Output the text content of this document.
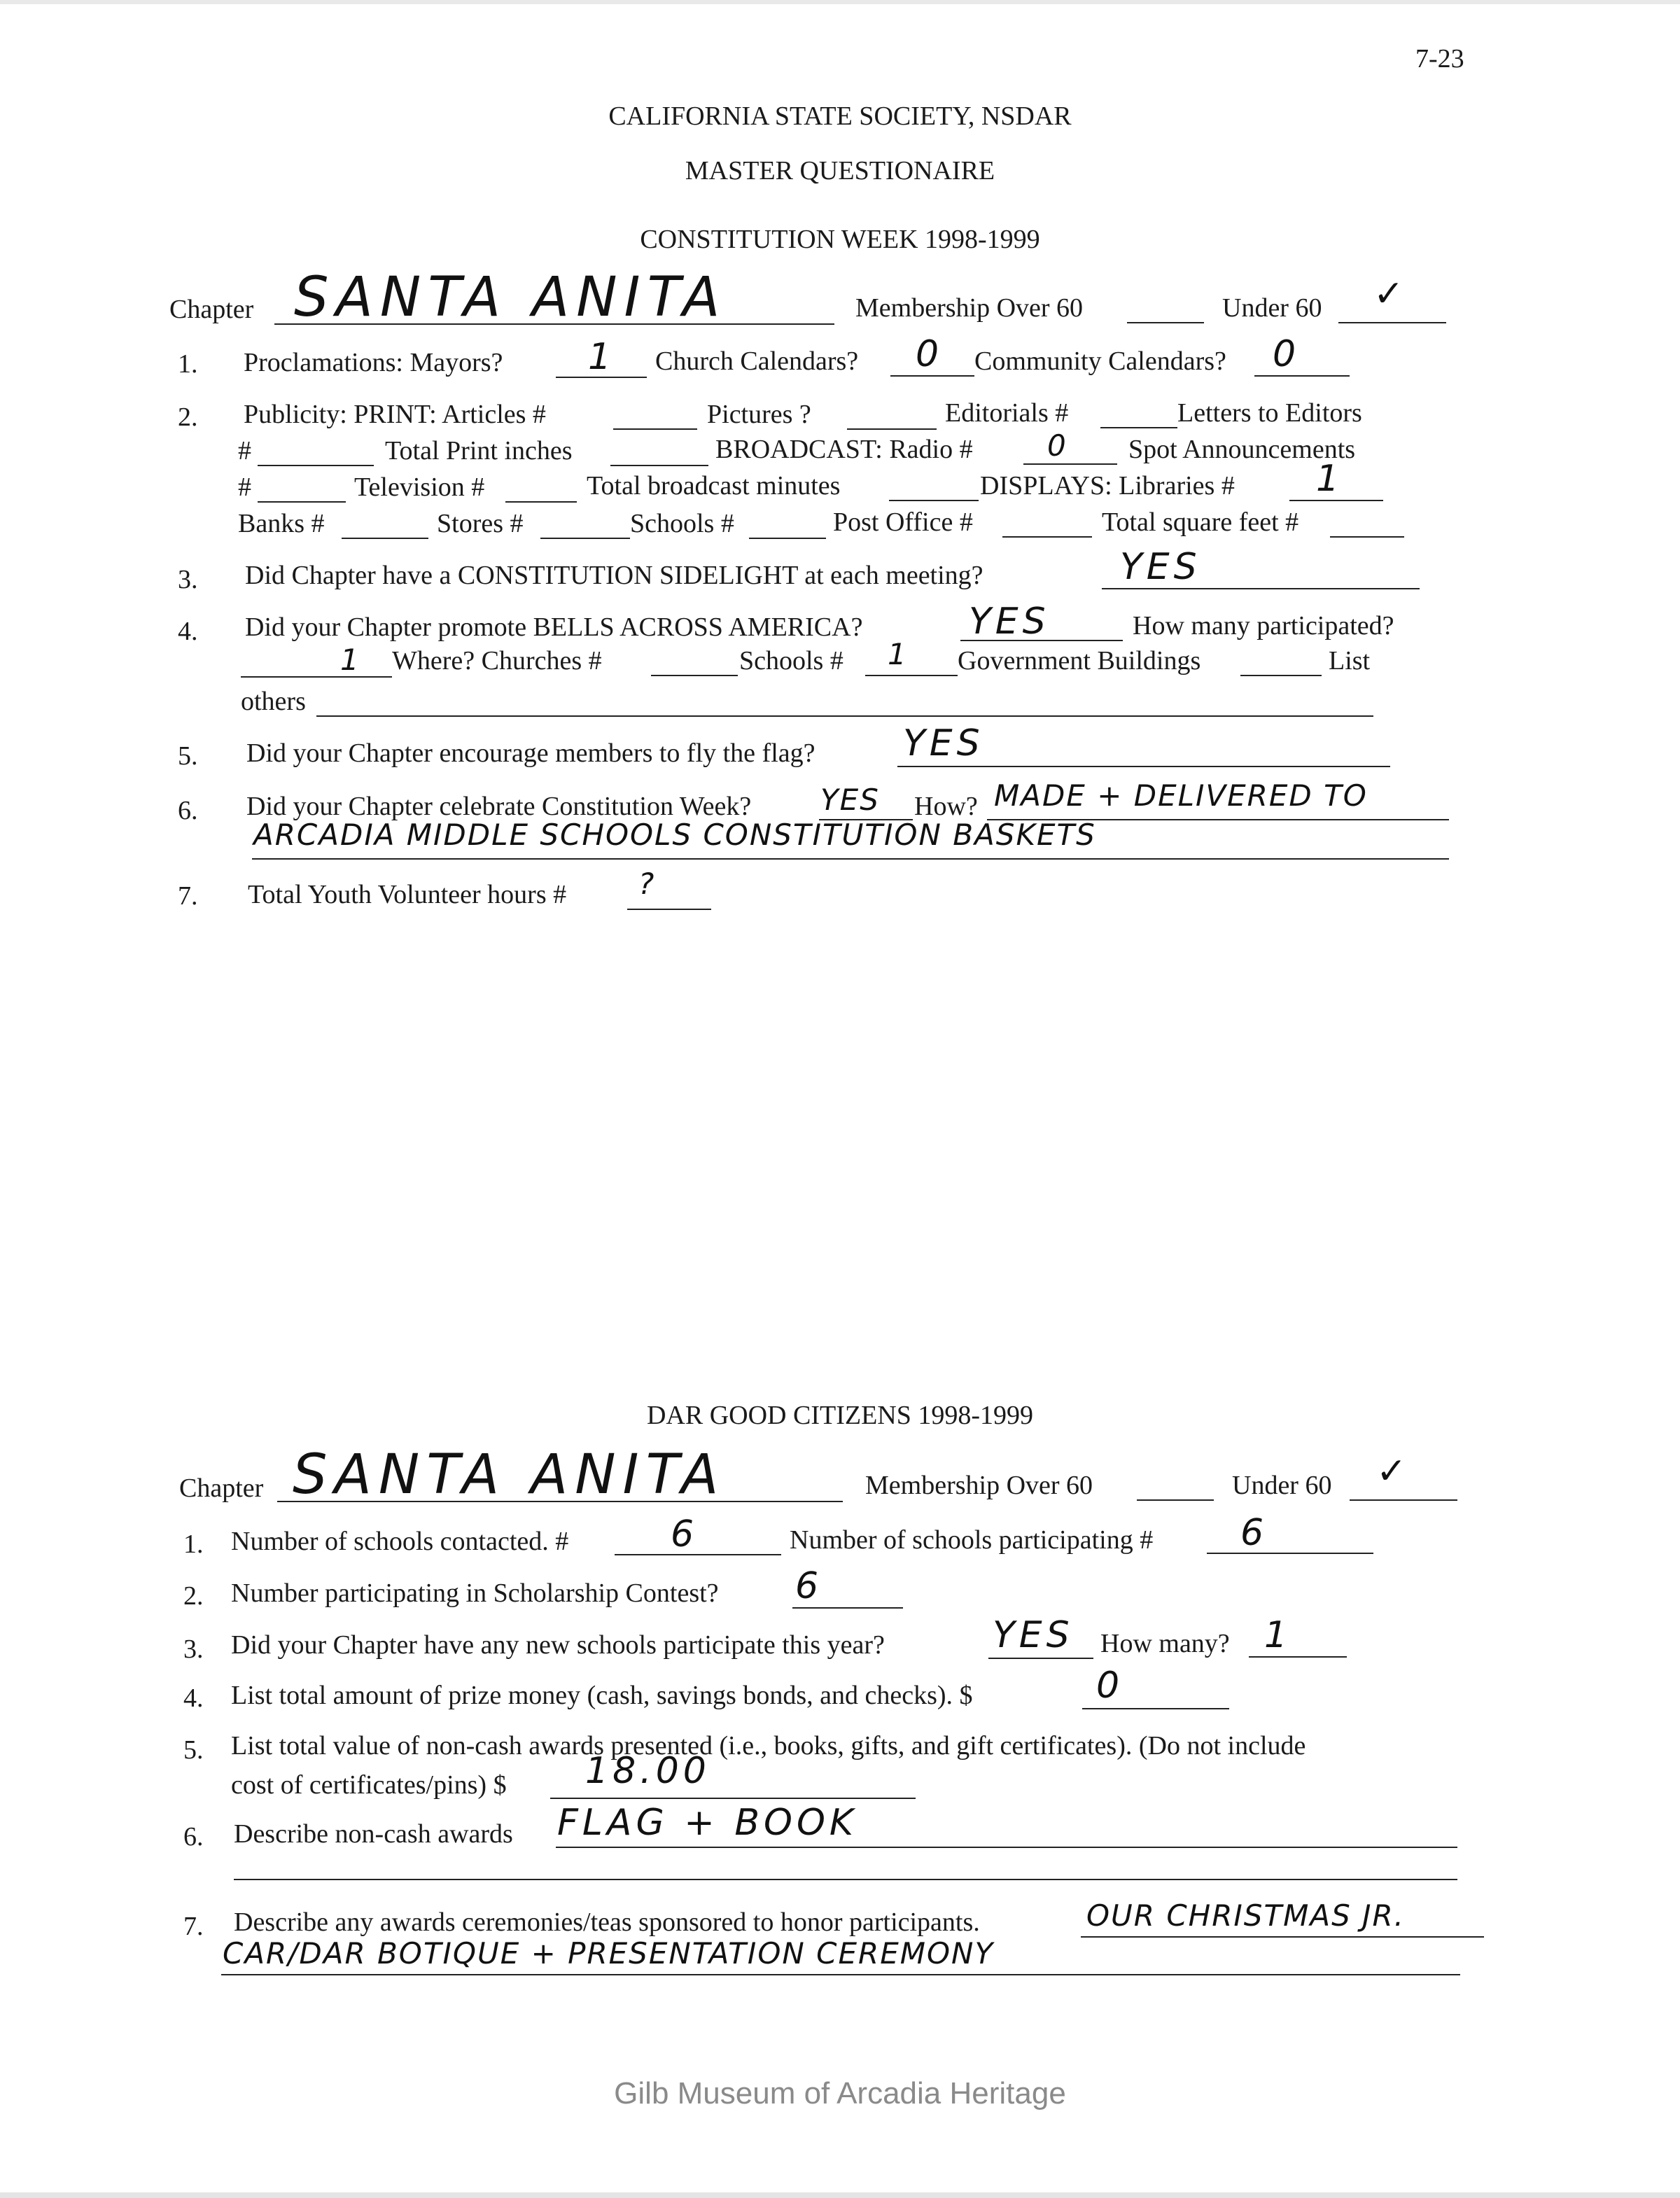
7-23
CALIFORNIA STATE SOCIETY, NSDAR
MASTER QUESTIONAIRE
CONSTITUTION WEEK 1998-1999
Chapter SANTA ANITA	Membership Over 60	Under 60 ✓
1. Proclamations: Mayors? 1 Church Calendars? 0 Community Calendars? 0
2. Publicity: PRINT: Articles #	Pictures ?	Editorials #	Letters to Editors
#	Total Print inches	BROADCAST: Radio #	0 Spot Announcements
#	Television #	Total broadcast minutes	DISPLAYS: Libraries # 1
Banks #	Stores #	Schools #	Post Office #	Total square feet #
3. Did Chapter have a CONSTITUTION SIDELIGHT at each meeting?	YES
4. Did your Chapter promote BELLS ACROSS AMERICA?	YES	How many participated?
1 Where? Churches #	Schools # 1 Government Buildings	List
others
5. Did your Chapter encourage members to fly the flag? YES
6. Did your Chapter celebrate Constitution Week? YES How? MADE + DELIVERED TO
ARCADIA MIDDLE SCHOOLS CONSTITUTION BASKETS
7. Total Youth Volunteer hours # ?
DAR GOOD CITIZENS 1998-1999
Chapter SANTA ANITA	Membership Over 60	Under 60 ✓
1. Number of schools contacted. #	6	Number of schools participating # 6
2. Number participating in Scholarship Contest? 6
3. Did your Chapter have any new schools participate this year?	YES How many? 1
4. List total amount of prize money (cash, savings bonds, and checks). $	0
5. List total value of non-cash awards presented (i.e., books, gifts, and gift certificates). (Do not include
cost of certificates/pins) $ 18.00
6. Describe non-cash awards FLAG + BOOK
7. Describe any awards ceremonies/teas sponsored to honor participants.	OUR CHRISTMAS JR.
CAR/DAR BOTIQUE + PRESENTATION CEREMONY
Gilb Museum of Arcadia Heritage
